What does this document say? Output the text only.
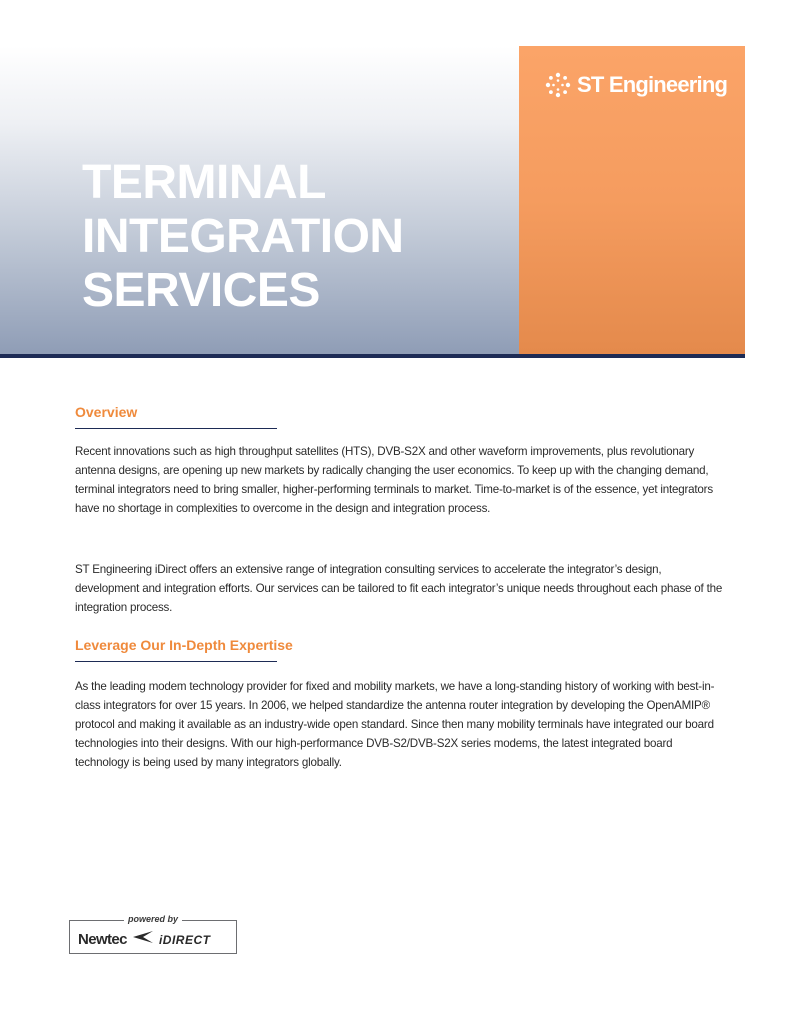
ST Engineering
TERMINAL
INTEGRATION
SERVICES
Overview

Recent innovations such as high throughput satellites (HTS), DVB-S2X and other waveform improvements, plus revolutionary antenna designs, are opening up new markets by radically changing the user economics. To keep up with the changing demand, terminal integrators need to bring smaller, higher-performing terminals to market. Time-to-market is of the essence, yet integrators have no shortage in complexities to overcome in the design and integration process.

ST Engineering iDirect offers an extensive range of integration consulting services to accelerate the integrator’s design, development and integration efforts. Our services can be tailored to fit each integrator’s unique needs throughout each phase of the integration process.

Leverage Our In-Depth Expertise

As the leading modem technology provider for fixed and mobility markets, we have a long-standing history of working with best-in-class integrators for over 15 years. In 2006, we helped standardize the antenna router integration by developing the OpenAMIP® protocol and making it available as an industry-wide open standard. Since then many mobility terminals have integrated our board technologies into their designs. With our high-performance DVB-S2/DVB-S2X series modems, the latest integrated board technology is being used by many integrators globally.

powered by
Newtec	iDIRECT
